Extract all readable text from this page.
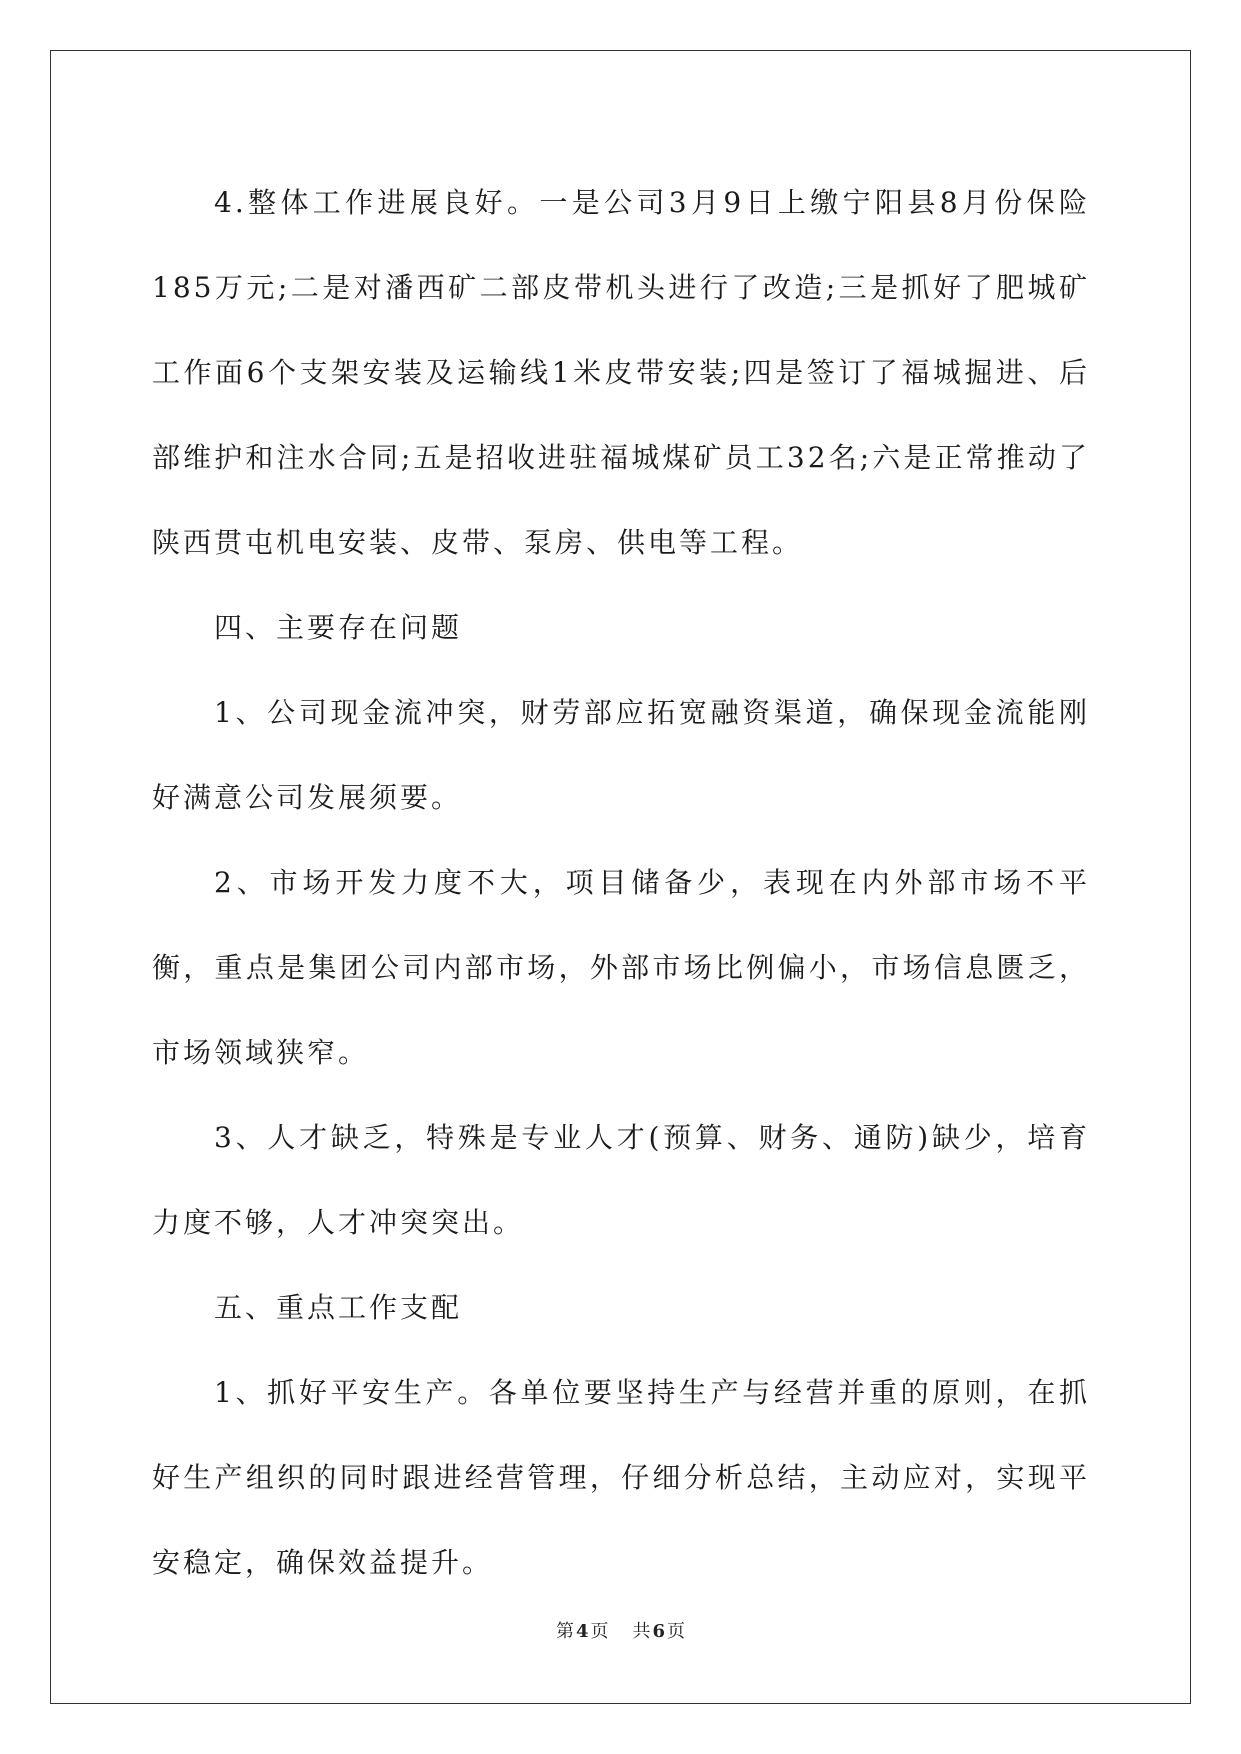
4.整体工作进展良好。一是公司3月9日上缴宁阳县8月份保险185万元;二是对潘西矿二部皮带机头进行了改造;三是抓好了肥城矿工作面6个支架安装及运输线1米皮带安装;四是签订了福城掘进、后部维护和注水合同;五是招收进驻福城煤矿员工32名;六是正常推动了陕西贯屯机电安装、皮带、泵房、供电等工程。

四、主要存在问题

1、公司现金流冲突，财劳部应拓宽融资渠道，确保现金流能刚好满意公司发展须要。

2、市场开发力度不大，项目储备少，表现在内外部市场不平衡，重点是集团公司内部市场，外部市场比例偏小，市场信息匮乏，市场领域狭窄。

3、人才缺乏，特殊是专业人才(预算、财务、通防)缺少，培育力度不够，人才冲突突出。

五、重点工作支配

1、抓好平安生产。各单位要坚持生产与经营并重的原则，在抓好生产组织的同时跟进经营管理，仔细分析总结，主动应对，实现平安稳定，确保效益提升。

第 4 页 共 6 页
